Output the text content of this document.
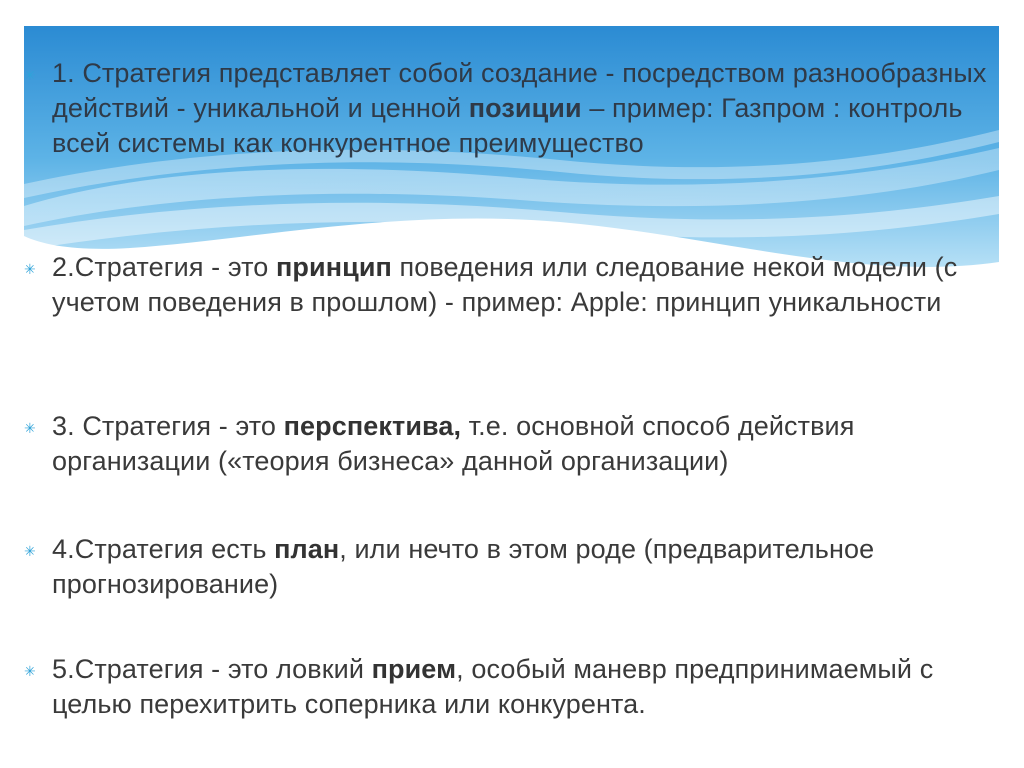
✳ 1. Стратегия представляет собой создание - посредством разнообразных действий - уникальной и ценной позиции – пример: Газпром : контроль всей системы как конкурентное преимущество

✳ 2.Стратегия - это принцип поведения или следование некой модели (с учетом поведения в прошлом) - пример: Apple: принцип уникальности

✳ 3. Стратегия - это перспектива, т.е. основной способ действия организации («теория бизнеса» данной организации)

✳ 4.Стратегия есть план, или нечто в этом роде (предварительное прогнозирование)

✳ 5.Стратегия - это ловкий прием, особый маневр предпринимаемый с целью перехитрить соперника или конкурента.
